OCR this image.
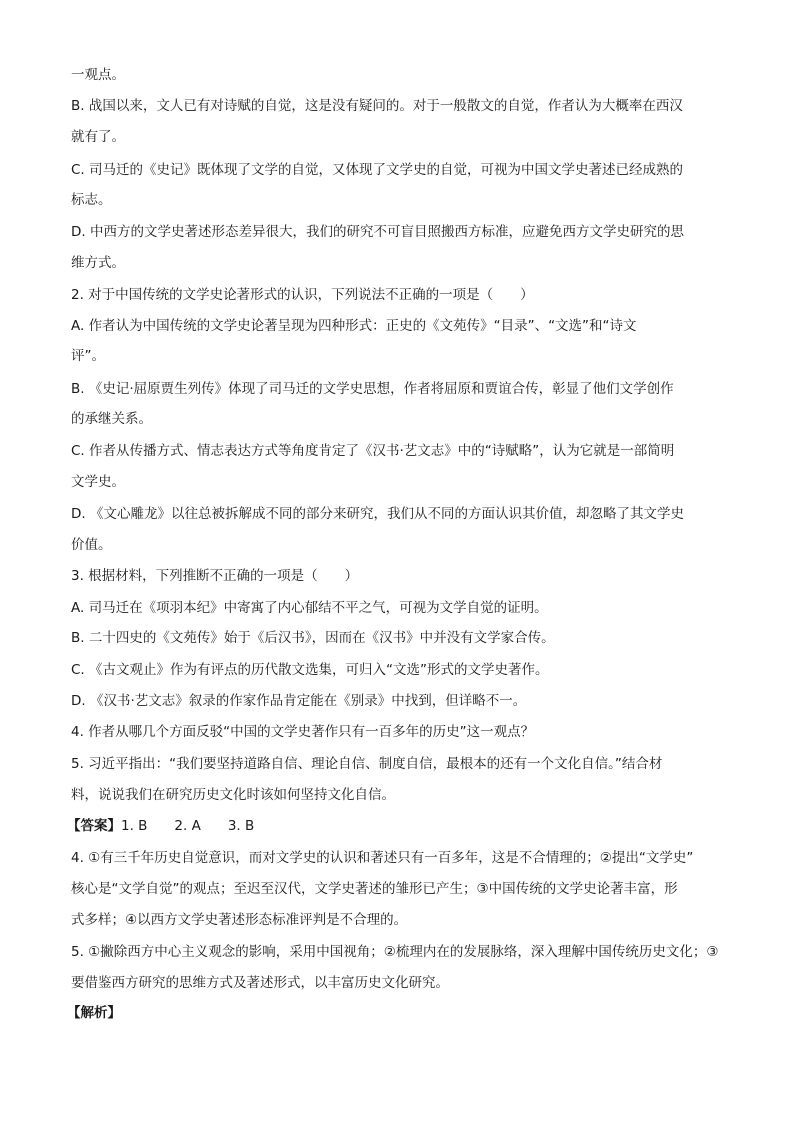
一观点。
B. 战国以来，文人已有对诗赋的自觉，这是没有疑问的。对于一般散文的自觉，作者认为大概率在西汉
就有了。
C. 司马迁的《史记》既体现了文学的自觉，又体现了文学史的自觉，可视为中国文学史著述已经成熟的
标志。
D. 中西方的文学史著述形态差异很大，我们的研究不可盲目照搬西方标准，应避免西方文学史研究的思
维方式。
2. 对于中国传统的文学史论著形式的认识，下列说法不正确的一项是（　　）
A. 作者认为中国传统的文学史论著呈现为四种形式：正史的《文苑传》“目录”、“文选”和“诗文
评”。
B. 《史记·屈原贾生列传》体现了司马迁的文学史思想，作者将屈原和贾谊合传，彰显了他们文学创作
的承继关系。
C. 作者从传播方式、情志表达方式等角度肯定了《汉书·艺文志》中的“诗赋略”，认为它就是一部简明
文学史。
D. 《文心雕龙》以往总被拆解成不同的部分来研究，我们从不同的方面认识其价值，却忽略了其文学史
价值。
3. 根据材料，下列推断不正确的一项是（　　）
A. 司马迁在《项羽本纪》中寄寓了内心郁结不平之气，可视为文学自觉的证明。
B. 二十四史的《文苑传》始于《后汉书》，因而在《汉书》中并没有文学家合传。
C. 《古文观止》作为有评点的历代散文选集，可归入“文选”形式的文学史著作。
D. 《汉书·艺文志》叙录的作家作品肯定能在《别录》中找到，但详略不一。
4. 作者从哪几个方面反驳“中国的文学史著作只有一百多年的历史”这一观点？
5. 习近平指出：“我们要坚持道路自信、理论自信、制度自信，最根本的还有一个文化自信。”结合材
料，说说我们在研究历史文化时该如何坚持文化自信。
【答案】1. B　　2. A　　3. B
4. ①有三千年历史自觉意识，而对文学史的认识和著述只有一百多年，这是不合情理的；②提出“文学史”
核心是“文学自觉”的观点；至迟至汉代，文学史著述的雏形已产生；③中国传统的文学史论著丰富，形
式多样；④以西方文学史著述形态标准评判是不合理的。
5. ①撇除西方中心主义观念的影响，采用中国视角；②梳理内在的发展脉络，深入理解中国传统历史文化；③
要借鉴西方研究的思维方式及著述形式，以丰富历史文化研究。
【解析】
